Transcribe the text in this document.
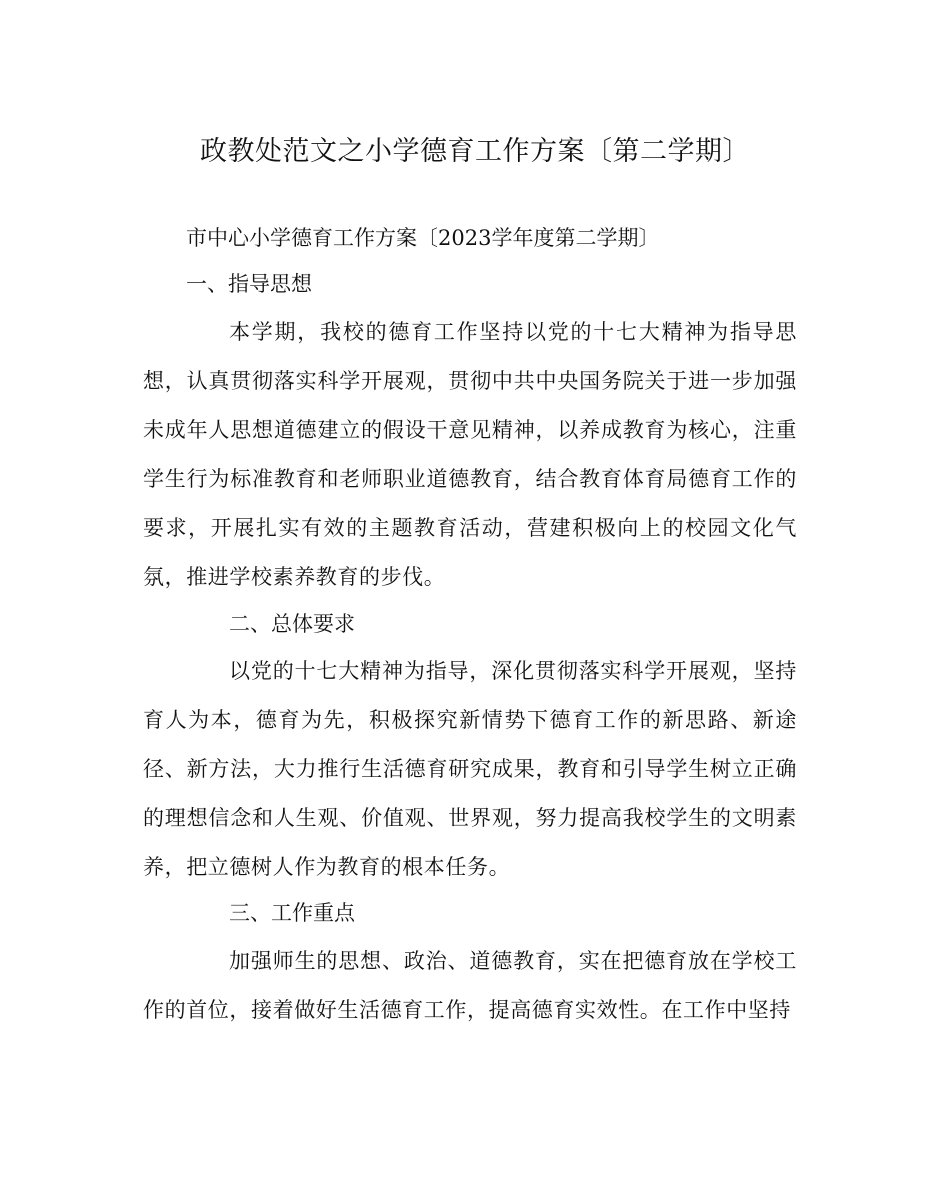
政教处范文之小学德育工作方案〔第二学期〕

市中心小学德育工作方案〔2023学年度第二学期〕

一、指导思想

本学期，我校的德育工作坚持以党的十七大精神为指导思想，认真贯彻落实科学开展观，贯彻中共中央国务院关于进一步加强未成年人思想道德建立的假设干意见精神，以养成教育为核心，注重学生行为标准教育和老师职业道德教育，结合教育体育局德育工作的要求，开展扎实有效的主题教育活动，营建积极向上的校园文化气氛，推进学校素养教育的步伐。

二、总体要求

以党的十七大精神为指导，深化贯彻落实科学开展观，坚持育人为本，德育为先，积极探究新情势下德育工作的新思路、新途径、新方法，大力推行生活德育研究成果，教育和引导学生树立正确的理想信念和人生观、价值观、世界观，努力提高我校学生的文明素养，把立德树人作为教育的根本任务。

三、工作重点

加强师生的思想、政治、道德教育，实在把德育放在学校工作的首位，接着做好生活德育工作，提高德育实效性。在工作中坚持
